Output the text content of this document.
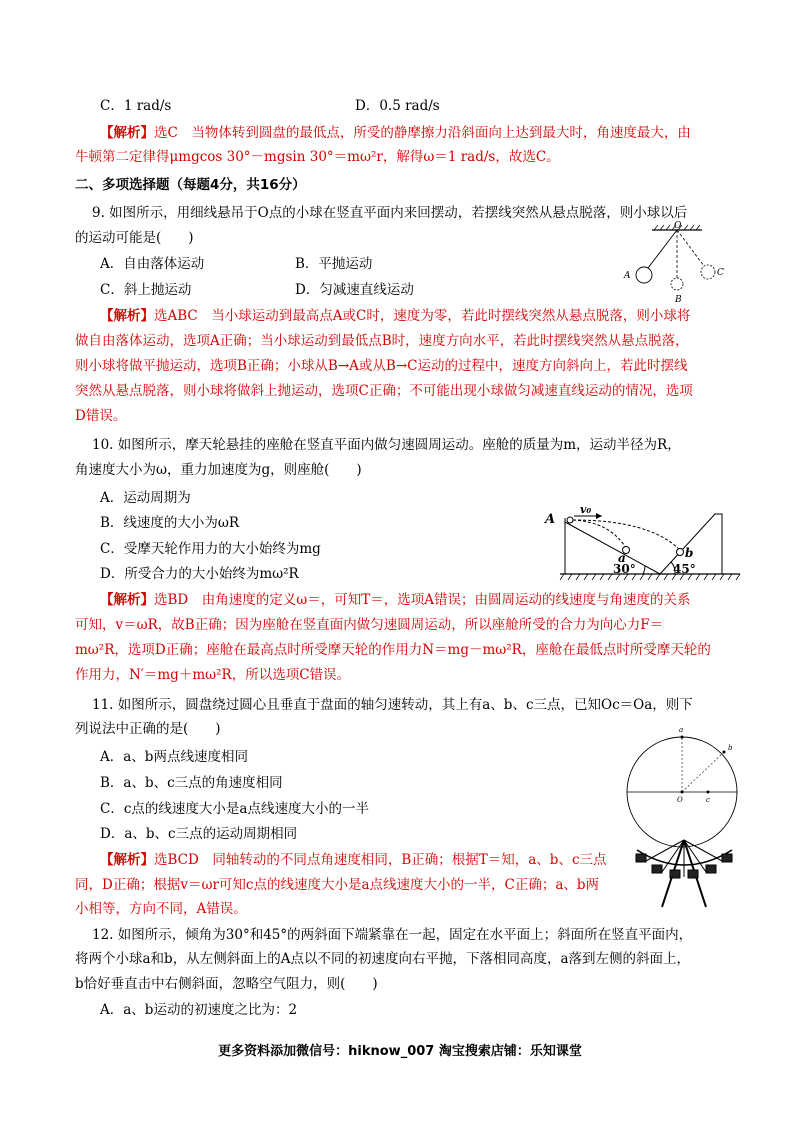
C．1 rad/s	D．0.5 rad/s
【解析】选C　当物体转到圆盘的最低点，所受的静摩擦力沿斜面向上达到最大时，角速度最大，由
牛顿第二定律得μmgcos 30°－mgsin 30°＝mω²r，解得ω＝1 rad/s，故选C。
二、多项选择题（每题4分，共16分）
9. 如图所示，用细线悬吊于O点的小球在竖直平面内来回摆动，若摆线突然从悬点脱落，则小球以后
的运动可能是(　　)
A．自由落体运动	B．平抛运动
C．斜上抛运动	D．匀减速直线运动
O
A
B
C
【解析】选ABC　当小球运动到最高点A或C时，速度为零，若此时摆线突然从悬点脱落，则小球将
做自由落体运动，选项A正确；当小球运动到最低点B时，速度方向水平，若此时摆线突然从悬点脱落，
则小球将做平抛运动，选项B正确；小球从B→A或从B→C运动的过程中，速度方向斜向上，若此时摆线
突然从悬点脱落，则小球将做斜上抛运动，选项C正确；不可能出现小球做匀减速直线运动的情况，选项
D错误。
10. 如图所示，摩天轮悬挂的座舱在竖直平面内做匀速圆周运动。座舱的质量为m，运动半径为R，
角速度大小为ω，重力加速度为g，则座舱(　　)
A．运动周期为
B．线速度的大小为ωR
C．受摩天轮作用力的大小始终为mg
D．所受合力的大小始终为mω²R
A
v₀
a	b
30°	45°
【解析】选BD　由角速度的定义ω＝，可知T＝，选项A错误；由圆周运动的线速度与角速度的关系
可知，v＝ωR，故B正确；因为座舱在竖直面内做匀速圆周运动，所以座舱所受的合力为向心力F＝
mω²R，选项D正确；座舱在最高点时所受摩天轮的作用力N＝mg－mω²R，座舱在最低点时所受摩天轮的
作用力，N′＝mg＋mω²R，所以选项C错误。
11. 如图所示，圆盘绕过圆心且垂直于盘面的轴匀速转动，其上有a、b、c三点，已知Oc＝Oa，则下
列说法中正确的是(　　)
A．a、b两点线速度相同
B．a、b、c三点的角速度相同
C．c点的线速度大小是a点线速度大小的一半
D．a、b、c三点的运动周期相同
【解析】选BCD　同轴转动的不同点角速度相同，B正确；根据T＝知，a、b、c三点
同，D正确；根据v＝ωr可知c点的线速度大小是a点线速度大小的一半，C正确；a、b两
小相等，方向不同，A错误。
a
b
O	c
12. 如图所示，倾角为30°和45°的两斜面下端紧靠在一起，固定在水平面上；斜面所在竖直平面内，
将两个小球a和b，从左侧斜面上的A点以不同的初速度向右平抛，下落相同高度，a落到左侧的斜面上，
b恰好垂直击中右侧斜面，忽略空气阻力，则(　　)
A．a、b运动的初速度之比为：2
更多资料添加微信号：hiknow_007 淘宝搜索店铺：乐知课堂
